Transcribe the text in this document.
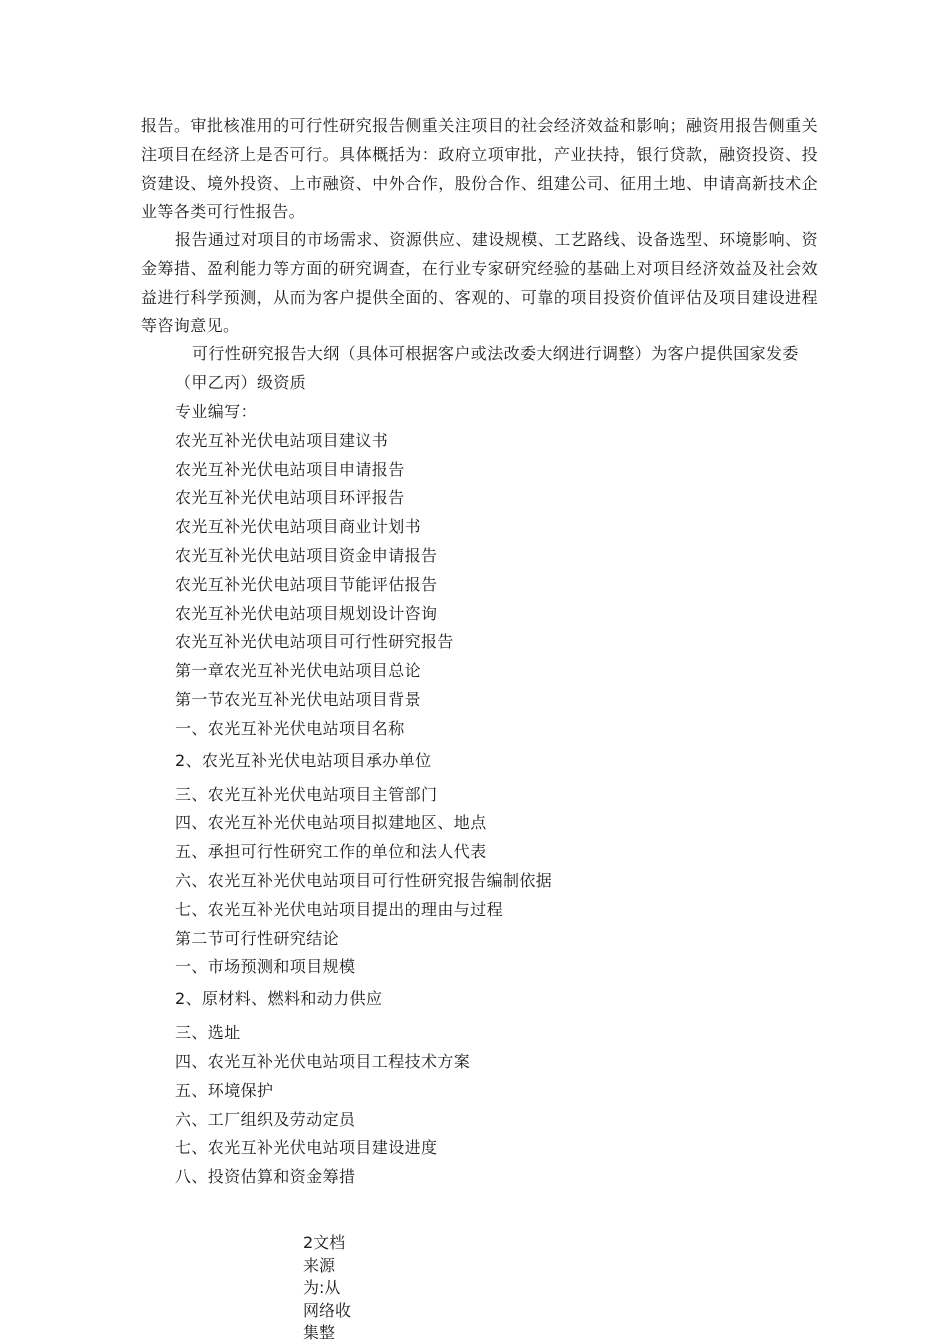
报告。审批核准用的可行性研究报告侧重关注项目的社会经济效益和影响；融资用报告侧重关注项目在经济上是否可行。具体概括为：政府立项审批，产业扶持，银行贷款，融资投资、投资建设、境外投资、上市融资、中外合作，股份合作、组建公司、征用土地、申请高新技术企业等各类可行性报告。

报告通过对项目的市场需求、资源供应、建设规模、工艺路线、设备选型、环境影响、资金筹措、盈利能力等方面的研究调查，在行业专家研究经验的基础上对项目经济效益及社会效益进行科学预测，从而为客户提供全面的、客观的、可靠的项目投资价值评估及项目建设进程等咨询意见。

可行性研究报告大纲（具体可根据客户或法改委大纲进行调整）为客户提供国家发委（甲乙丙）级资质

专业编写：
农光互补光伏电站项目建议书
农光互补光伏电站项目申请报告
农光互补光伏电站项目环评报告
农光互补光伏电站项目商业计划书
农光互补光伏电站项目资金申请报告
农光互补光伏电站项目节能评估报告
农光互补光伏电站项目规划设计咨询
农光互补光伏电站项目可行性研究报告
第一章农光互补光伏电站项目总论
第一节农光互补光伏电站项目背景
一、农光互补光伏电站项目名称
2、农光互补光伏电站项目承办单位
三、农光互补光伏电站项目主管部门
四、农光互补光伏电站项目拟建地区、地点
五、承担可行性研究工作的单位和法人代表
六、农光互补光伏电站项目可行性研究报告编制依据
七、农光互补光伏电站项目提出的理由与过程
第二节可行性研究结论
一、市场预测和项目规模
2、原材料、燃料和动力供应
三、选址
四、农光互补光伏电站项目工程技术方案
五、环境保护
六、工厂组织及劳动定员
七、农光互补光伏电站项目建设进度
八、投资估算和资金筹措

2文档来源为:从网络收集整
